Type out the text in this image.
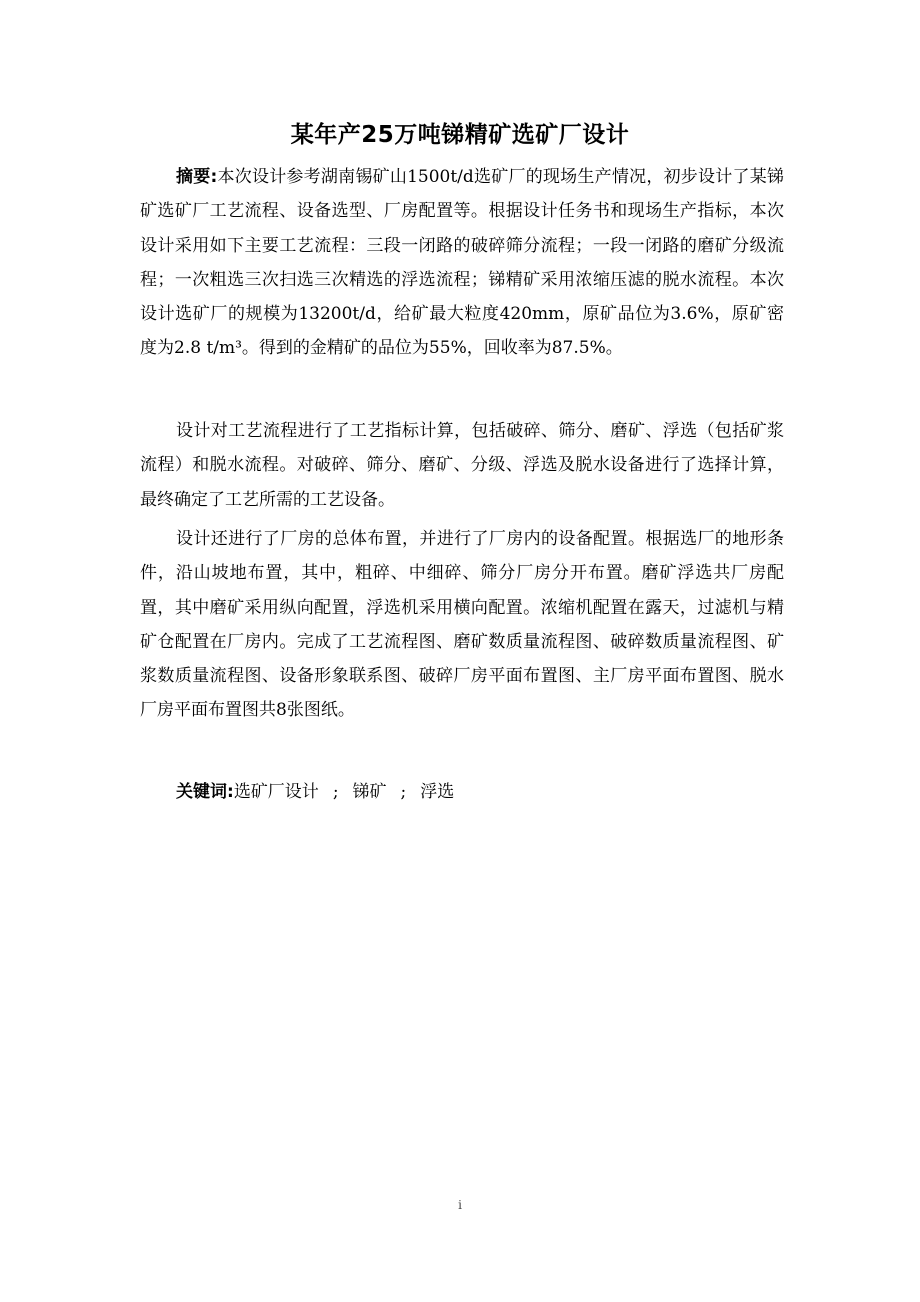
某年产25万吨锑精矿选矿厂设计

摘要:本次设计参考湖南锡矿山1500t/d选矿厂的现场生产情况，初步设计了某锑矿选矿厂工艺流程、设备选型、厂房配置等。根据设计任务书和现场生产指标，本次设计采用如下主要工艺流程：三段一闭路的破碎筛分流程；一段一闭路的磨矿分级流程；一次粗选三次扫选三次精选的浮选流程；锑精矿采用浓缩压滤的脱水流程。本次设计选矿厂的规模为13200t/d，给矿最大粒度420mm，原矿品位为3.6%，原矿密度为2.8 t/m³。得到的金精矿的品位为55%，回收率为87.5%。

设计对工艺流程进行了工艺指标计算，包括破碎、筛分、磨矿、浮选（包括矿浆流程）和脱水流程。对破碎、筛分、磨矿、分级、浮选及脱水设备进行了选择计算，最终确定了工艺所需的工艺设备。

设计还进行了厂房的总体布置，并进行了厂房内的设备配置。根据选厂的地形条件，沿山坡地布置，其中，粗碎、中细碎、筛分厂房分开布置。磨矿浮选共厂房配置，其中磨矿采用纵向配置，浮选机采用横向配置。浓缩机配置在露天，过滤机与精矿仓配置在厂房内。完成了工艺流程图、磨矿数质量流程图、破碎数质量流程图、矿浆数质量流程图、设备形象联系图、破碎厂房平面布置图、主厂房平面布置图、脱水厂房平面布置图共8张图纸。

关键词:选矿厂设计 ; 锑矿 ; 浮选
i
